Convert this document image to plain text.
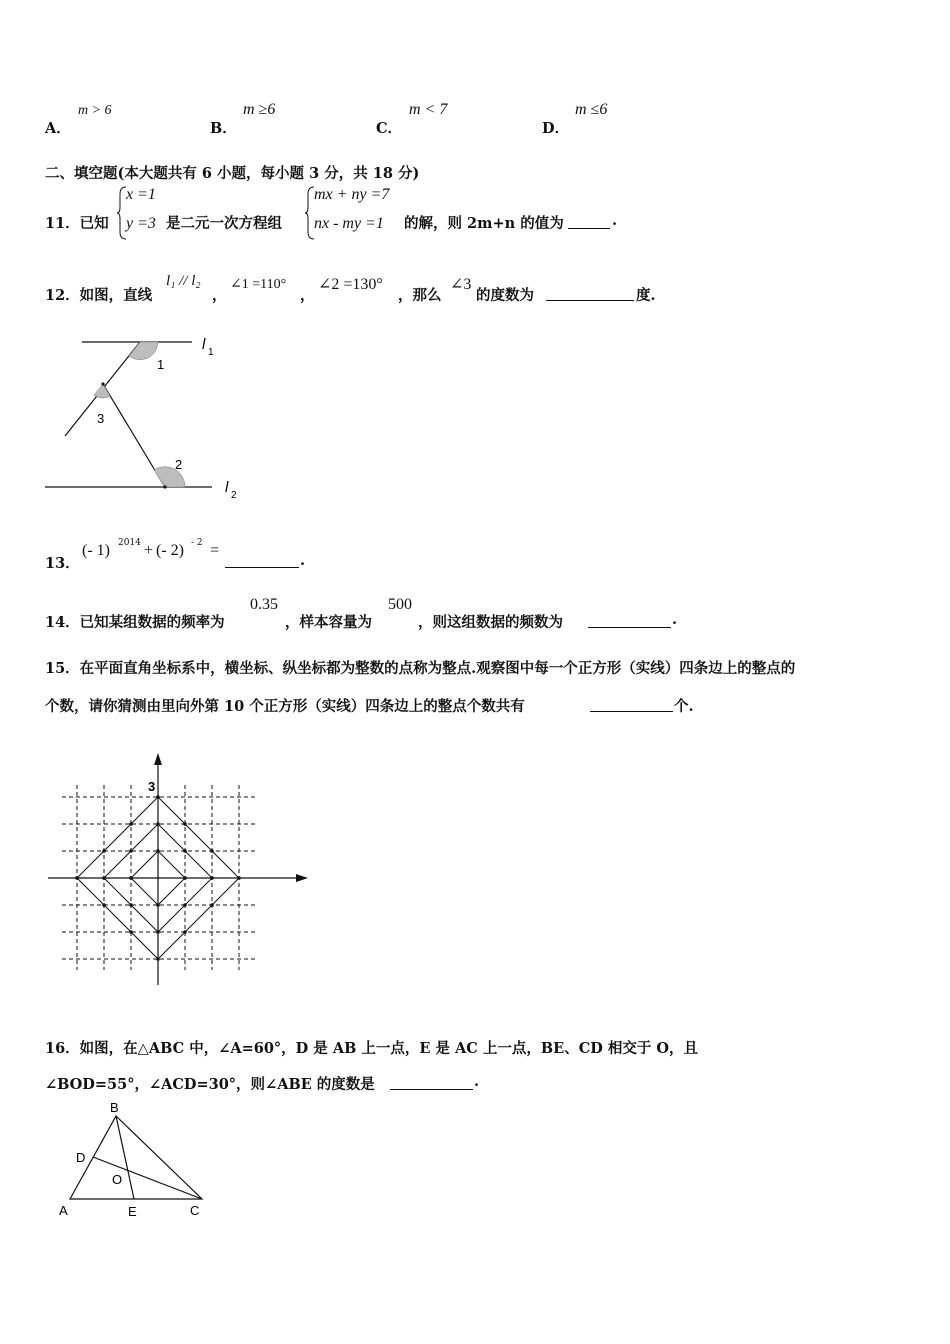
A．
m > 6
B．
m ≥6
C．
m < 7
D．
m ≤6
二、填空题(本大题共有 6 小题，每小题 3 分，共 18 分)
11．已知
x =1
y =3 是二元一次方程组
mx + ny =7
nx - my =1 的解，则 2m+n 的值为	.
12．如图，直线
l₁ // l₂
，
∠1 =110°
，
∠2 =130°
，那么
∠3
的度数为	度.
1
3
2
l 1
l 2
13．
(- 1) 2014 + (- 2) - 2 =
.
14．已知某组数据的频率为
0.35
，样本容量为
500
，则这组数据的频数为	.
15．在平面直角坐标系中，横坐标、纵坐标都为整数的点称为整点.观察图中每一个正方形（实线）四条边上的整点的
个数，请你猜测由里向外第 10 个正方形（实线）四条边上的整点个数共有	个.
3
16．如图，在△ABC 中，∠A=60°，D 是 AB 上一点，E 是 AC 上一点，BE、CD 相交于 O，且
∠BOD=55°，∠ACD=30°，则∠ABE 的度数是	.
A
B
C
D
E
O
